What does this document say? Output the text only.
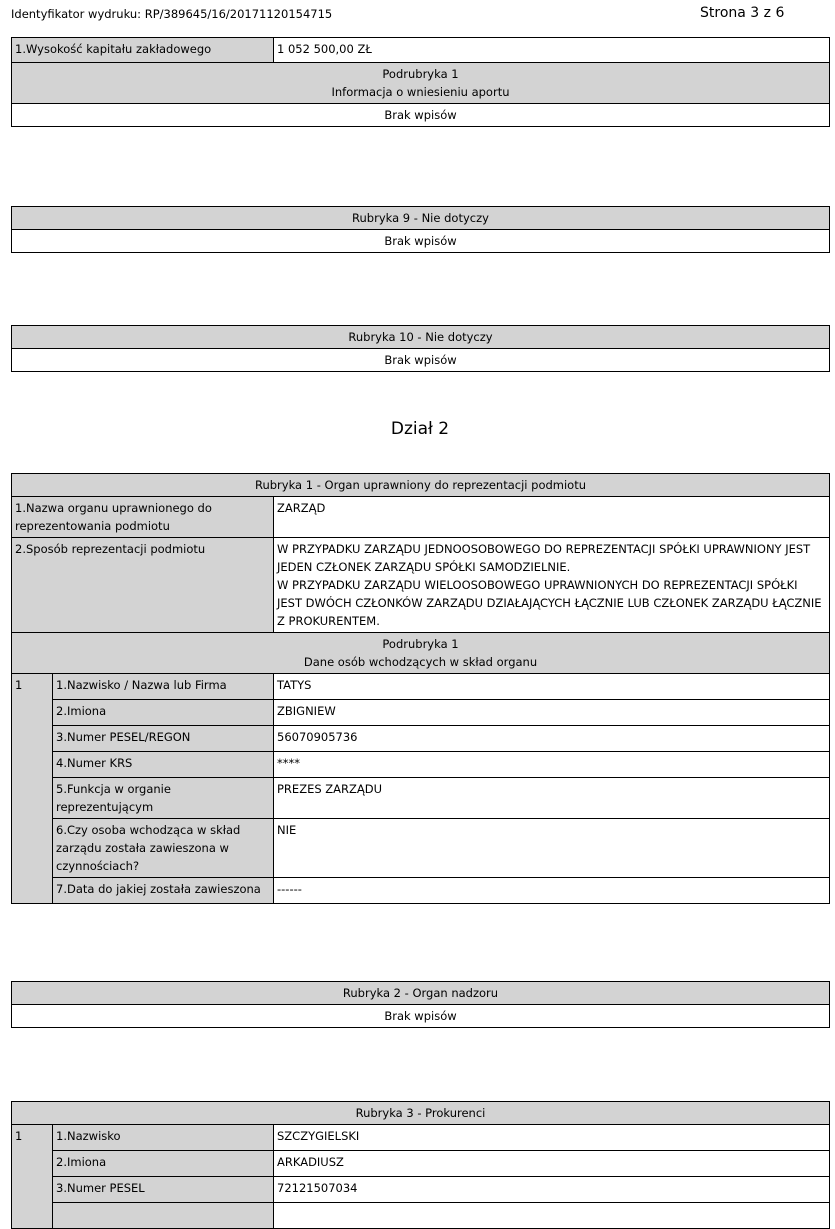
Identyfikator wydruku: RP/389645/16/20171120154715	Strona 3 z 6
1.Wysokość kapitału zakładowego	1 052 500,00 ZŁ

Podrubryka 1
Informacja o wniesieniu aportu

Brak wpisów
Rubryka 9 - Nie dotyczy
Brak wpisów
Rubryka 10 - Nie dotyczy
Brak wpisów
Dział 2
Rubryka 1 - Organ uprawniony do reprezentacji podmiotu		
1.Nazwa organu uprawnionego do reprezentowania podmiotu		ZARZĄD
2.Sposób reprezentacji podmiotu		W PRZYPADKU ZARZĄDU JEDNOOSOBOWEGO DO REPREZENTACJI SPÓŁKI UPRAWNIONY JEST JEDEN CZŁONEK ZARZĄDU SPÓŁKI SAMODZIELNIE.
W PRZYPADKU ZARZĄDU WIELOOSOBOWEGO UPRAWNIONYCH DO REPREZENTACJI SPÓŁKI JEST DWÓCH CZŁONKÓW ZARZĄDU DZIAŁAJĄCYCH ŁĄCZNIE LUB CZŁONEK ZARZĄDU ŁĄCZNIE Z PROKURENTEM.

Podrubryka 1
Dane osób wchodzących w skład organu		

1	1.Nazwisko / Nazwa lub Firma	TATYS
	2.Imiona	ZBIGNIEW
	3.Numer PESEL/REGON	56070905736
	4.Numer KRS	****
	5.Funkcja w organie reprezentującym	PREZES ZARZĄDU
	6.Czy osoba wchodząca w skład zarządu została zawieszona w czynnościach?	NIE
	7.Data do jakiej została zawieszona	------
Rubryka 2 - Organ nadzoru
Brak wpisów
Rubryka 3 - Prokurenci		
1	1.Nazwisko	SZCZYGIELSKI
	2.Imiona	ARKADIUSZ
	3.Numer PESEL	72121507034
